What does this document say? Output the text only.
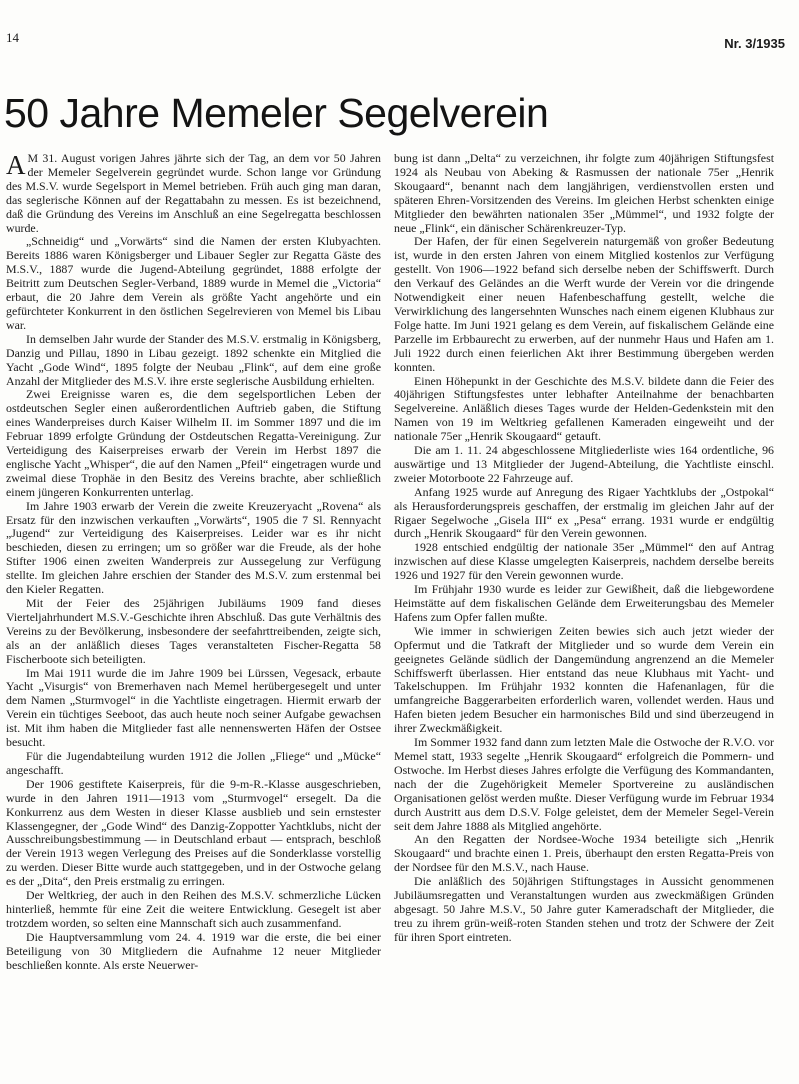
14	Nr. 3/1935
50 Jahre Memeler Segelverein

A M 31. August vorigen Jahres jährte sich der Tag, an dem vor 50 Jahren der Memeler Segelverein gegründet wurde. Schon lange vor Gründung des M.S.V. wurde Segelsport in Memel betrieben. Früh auch ging man daran, das seglerische Können auf der Regattabahn zu messen. Es ist bezeichnend, daß die Gründung des Vereins im Anschluß an eine Segelregatta beschlossen wurde.

„Schneidig“ und „Vorwärts“ sind die Namen der ersten Klubyachten. Bereits 1886 waren Königsberger und Libauer Segler zur Regatta Gäste des M.S.V., 1887 wurde die Jugend-Abteilung gegründet, 1888 erfolgte der Beitritt zum Deutschen Segler-Verband, 1889 wurde in Memel die „Victoria“ erbaut, die 20 Jahre dem Verein als größte Yacht angehörte und ein gefürchteter Konkurrent in den östlichen Segelrevieren von Memel bis Libau war.

In demselben Jahr wurde der Stander des M.S.V. erstmalig in Königsberg, Danzig und Pillau, 1890 in Libau gezeigt. 1892 schenkte ein Mitglied die Yacht „Gode Wind“, 1895 folgte der Neubau „Flink“, auf dem eine große Anzahl der Mitglieder des M.S.V. ihre erste seglerische Ausbildung erhielten.

Zwei Ereignisse waren es, die dem segelsportlichen Leben der ostdeutschen Segler einen außerordentlichen Auftrieb gaben, die Stiftung eines Wanderpreises durch Kaiser Wilhelm II. im Sommer 1897 und die im Februar 1899 erfolgte Gründung der Ostdeutschen Regatta-Vereinigung. Zur Verteidigung des Kaiserpreises erwarb der Verein im Herbst 1897 die englische Yacht „Whisper“, die auf den Namen „Pfeil“ eingetragen wurde und zweimal diese Trophäe in den Besitz des Vereins brachte, aber schließlich einem jüngeren Konkurrenten unterlag.

Im Jahre 1903 erwarb der Verein die zweite Kreuzeryacht „Rovena“ als Ersatz für den inzwischen verkauften „Vorwärts“, 1905 die 7 Sl. Rennyacht „Jugend“ zur Verteidigung des Kaiserpreises. Leider war es ihr nicht beschieden, diesen zu erringen; um so größer war die Freude, als der hohe Stifter 1906 einen zweiten Wanderpreis zur Aussegelung zur Verfügung stellte. Im gleichen Jahre erschien der Stander des M.S.V. zum erstenmal bei den Kieler Regatten.

Mit der Feier des 25jährigen Jubiläums 1909 fand dieses Vierteljahrhundert M.S.V.-Geschichte ihren Abschluß. Das gute Verhältnis des Vereins zu der Bevölkerung, insbesondere der seefahrttreibenden, zeigte sich, als an der anläßlich dieses Tages veranstalteten Fischer-Regatta 58 Fischerboote sich beteiligten.

Im Mai 1911 wurde die im Jahre 1909 bei Lürssen, Vegesack, erbaute Yacht „Visurgis“ von Bremerhaven nach Memel herübergesegelt und unter dem Namen „Sturmvogel“ in die Yachtliste eingetragen. Hiermit erwarb der Verein ein tüchtiges Seeboot, das auch heute noch seiner Aufgabe gewachsen ist. Mit ihm haben die Mitglieder fast alle nennenswerten Häfen der Ostsee besucht.

Für die Jugendabteilung wurden 1912 die Jollen „Fliege“ und „Mücke“ angeschafft.

Der 1906 gestiftete Kaiserpreis, für die 9-m-R.-Klasse ausgeschrieben, wurde in den Jahren 1911—1913 vom „Sturmvogel“ ersegelt. Da die Konkurrenz aus dem Westen in dieser Klasse ausblieb und sein ernstester Klassengegner, der „Gode Wind“ des Danzig-Zoppotter Yachtklubs, nicht der Ausschreibungsbestimmung — in Deutschland erbaut — entsprach, beschloß der Verein 1913 wegen Verlegung des Preises auf die Sonderklasse vorstellig zu werden. Dieser Bitte wurde auch stattgegeben, und in der Ostwoche gelang es der „Dita“, den Preis erstmalig zu erringen.

Der Weltkrieg, der auch in den Reihen des M.S.V. schmerzliche Lücken hinterließ, hemmte für eine Zeit die weitere Entwicklung. Gesegelt ist aber trotzdem worden, so selten eine Mannschaft sich auch zusammenfand.

Die Hauptversammlung vom 24. 4. 1919 war die erste, die bei einer Beteiligung von 30 Mitgliedern die Aufnahme 12 neuer Mitglieder beschließen konnte. Als erste Neuerwer-

bung ist dann „Delta“ zu verzeichnen, ihr folgte zum 40jährigen Stiftungsfest 1924 als Neubau von Abeking & Rasmussen der nationale 75er „Henrik Skougaard“, benannt nach dem langjährigen, verdienstvollen ersten und späteren Ehren-Vorsitzenden des Vereins. Im gleichen Herbst schenkten einige Mitglieder den bewährten nationalen 35er „Mümmel“, und 1932 folgte der neue „Flink“, ein dänischer Schärenkreuzer-Typ.

Der Hafen, der für einen Segelverein naturgemäß von großer Bedeutung ist, wurde in den ersten Jahren von einem Mitglied kostenlos zur Verfügung gestellt. Von 1906—1922 befand sich derselbe neben der Schiffswerft. Durch den Verkauf des Geländes an die Werft wurde der Verein vor die dringende Notwendigkeit einer neuen Hafenbeschaffung gestellt, welche die Verwirklichung des langersehnten Wunsches nach einem eigenen Klubhaus zur Folge hatte. Im Juni 1921 gelang es dem Verein, auf fiskalischem Gelände eine Parzelle im Erbbaurecht zu erwerben, auf der nunmehr Haus und Hafen am 1. Juli 1922 durch einen feierlichen Akt ihrer Bestimmung übergeben werden konnten.

Einen Höhepunkt in der Geschichte des M.S.V. bildete dann die Feier des 40jährigen Stiftungsfestes unter lebhafter Anteilnahme der benachbarten Segelvereine. Anläßlich dieses Tages wurde der Helden-Gedenkstein mit den Namen von 19 im Weltkrieg gefallenen Kameraden eingeweiht und der nationale 75er „Henrik Skougaard“ getauft.

Die am 1. 11. 24 abgeschlossene Mitgliederliste wies 164 ordentliche, 96 auswärtige und 13 Mitglieder der Jugend-Abteilung, die Yachtliste einschl. zweier Motorboote 22 Fahrzeuge auf.

Anfang 1925 wurde auf Anregung des Rigaer Yachtklubs der „Ostpokal“ als Herausforderungspreis geschaffen, der erstmalig im gleichen Jahr auf der Rigaer Segelwoche „Gisela III“ ex „Pesa“ errang. 1931 wurde er endgültig durch „Henrik Skougaard“ für den Verein gewonnen.

1928 entschied endgültig der nationale 35er „Mümmel“ den auf Antrag inzwischen auf diese Klasse umgelegten Kaiserpreis, nachdem derselbe bereits 1926 und 1927 für den Verein gewonnen wurde.

Im Frühjahr 1930 wurde es leider zur Gewißheit, daß die liebgewordene Heimstätte auf dem fiskalischen Gelände dem Erweiterungsbau des Memeler Hafens zum Opfer fallen mußte.

Wie immer in schwierigen Zeiten bewies sich auch jetzt wieder der Opfermut und die Tatkraft der Mitglieder und so wurde dem Verein ein geeignetes Gelände südlich der Dangemündung angrenzend an die Memeler Schiffswerft überlassen. Hier entstand das neue Klubhaus mit Yacht- und Takelschuppen. Im Frühjahr 1932 konnten die Hafenanlagen, für die umfangreiche Baggerarbeiten erforderlich waren, vollendet werden. Haus und Hafen bieten jedem Besucher ein harmonisches Bild und sind überzeugend in ihrer Zweckmäßigkeit.

Im Sommer 1932 fand dann zum letzten Male die Ostwoche der R.V.O. vor Memel statt, 1933 segelte „Henrik Skougaard“ erfolgreich die Pommern- und Ostwoche. Im Herbst dieses Jahres erfolgte die Verfügung des Kommandanten, nach der die Zugehörigkeit Memeler Sportvereine zu ausländischen Organisationen gelöst werden mußte. Dieser Verfügung wurde im Februar 1934 durch Austritt aus dem D.S.V. Folge geleistet, dem der Memeler Segel-Verein seit dem Jahre 1888 als Mitglied angehörte.

An den Regatten der Nordsee-Woche 1934 beteiligte sich „Henrik Skougaard“ und brachte einen 1. Preis, überhaupt den ersten Regatta-Preis von der Nordsee für den M.S.V., nach Hause.

Die anläßlich des 50jährigen Stiftungstages in Aussicht genommenen Jubiläumsregatten und Veranstaltungen wurden aus zweckmäßigen Gründen abgesagt. 50 Jahre M.S.V., 50 Jahre guter Kameradschaft der Mitglieder, die treu zu ihrem grün-weiß-roten Standen stehen und trotz der Schwere der Zeit für ihren Sport eintreten.
